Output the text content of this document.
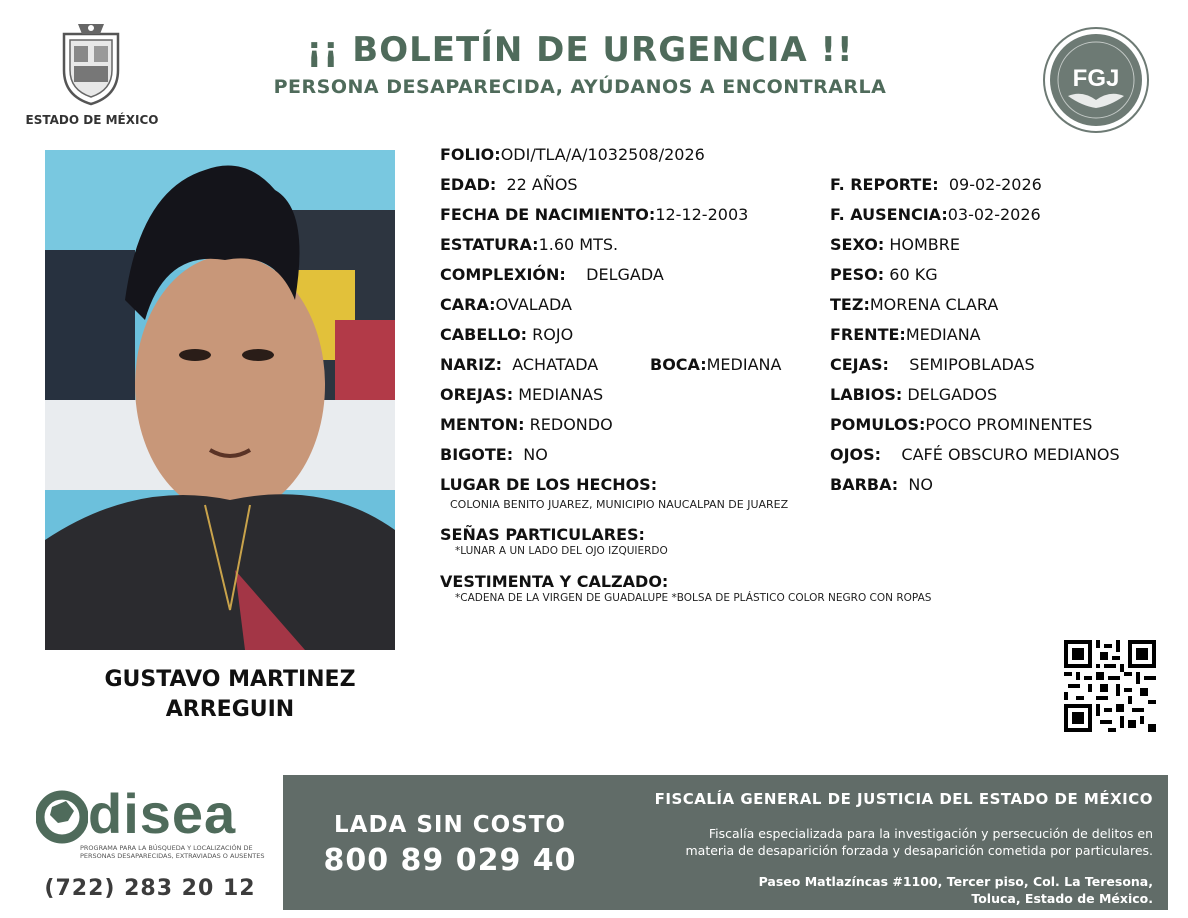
ESTADO DE MÉXICO
¡¡ BOLETÍN DE URGENCIA !!
PERSONA DESAPARECIDA, AYÚDANOS A ENCONTRARLA	FGJ
GUSTAVO MARTINEZ
ARREGUIN
FOLIO:ODI/TLA/A/1032508/2026
EDAD: 22 AÑOS	F. REPORTE: 09-02-2026
FECHA DE NACIMIENTO:12-12-2003	F. AUSENCIA:03-02-2026
ESTATURA:1.60 MTS.	SEXO: HOMBRE
COMPLEXIÓN: DELGADA	PESO: 60 KG
CARA:OVALADA	TEZ:MORENA CLARA
CABELLO: ROJO	FRENTE:MEDIANA
NARIZ: ACHATADA	BOCA:MEDIANA	CEJAS: SEMIPOBLADAS
OREJAS: MEDIANAS	LABIOS: DELGADOS
MENTON: REDONDO	POMULOS:POCO PROMINENTES
BIGOTE: NO	OJOS: CAFÉ OBSCURO MEDIANOS
LUGAR DE LOS HECHOS:	BARBA: NO
COLONIA BENITO JUAREZ, MUNICIPIO NAUCALPAN DE JUAREZ
SEÑAS PARTICULARES:
*LUNAR A UN LADO DEL OJO IZQUIERDO
VESTIMENTA Y CALZADO:
*CADENA DE LA VIRGEN DE GUADALUPE *BOLSA DE PLÁSTICO COLOR NEGRO CON ROPAS
disea
PROGRAMA PARA LA BÚSQUEDA Y LOCALIZACIÓN DE PERSONAS DESAPARECIDAS, EXTRAVIADAS O AUSENTES
(722) 283 20 12
LADA SIN COSTO
800 89 029 40
FISCALÍA GENERAL DE JUSTICIA DEL ESTADO DE MÉXICO
Fiscalía especializada para la investigación y persecución de delitos en
materia de desaparición forzada y desaparición cometida por particulares.
Paseo Matlazíncas #1100, Tercer piso, Col. La Teresona,
Toluca, Estado de México.
